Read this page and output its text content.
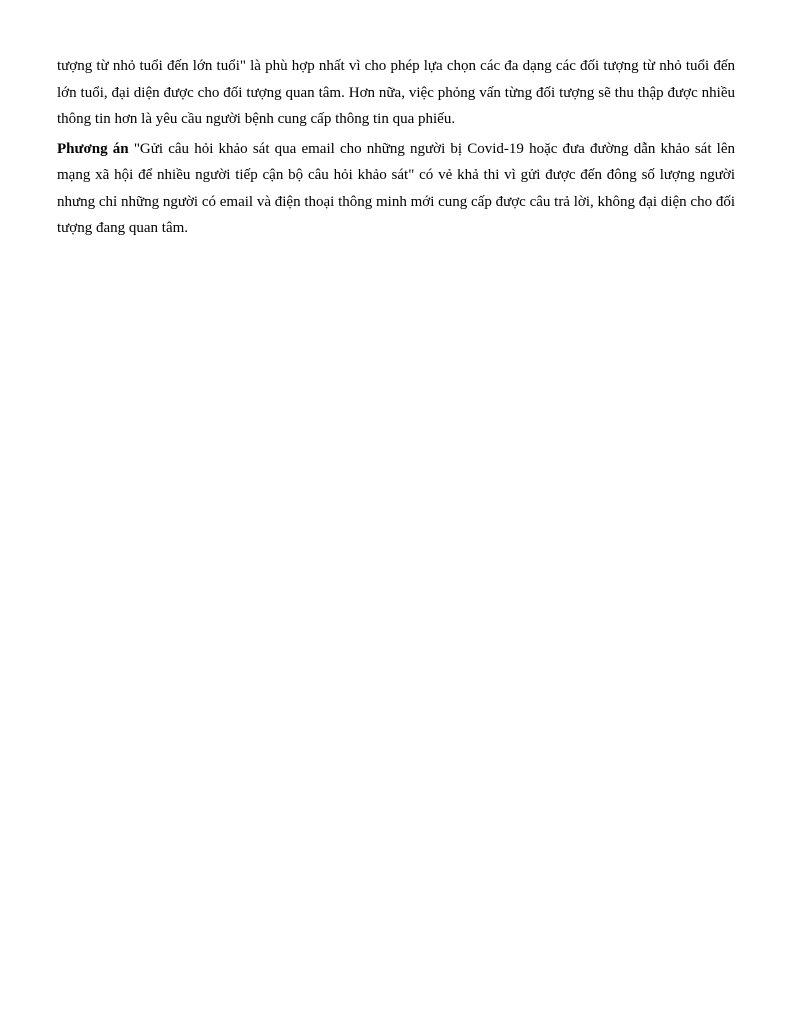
tượng từ nhỏ tuổi đến lớn tuổi" là phù hợp nhất vì cho phép lựa chọn các đa dạng các đối tượng từ nhỏ tuổi đến lớn tuổi, đại diện được cho đối tượng quan tâm. Hơn nữa, việc phỏng vấn từng đối tượng sẽ thu thập được nhiều thông tin hơn là yêu cầu người bệnh cung cấp thông tin qua phiếu.

Phương án "Gửi câu hỏi khảo sát qua email cho những người bị Covid-19 hoặc đưa đường dẫn khảo sát lên mạng xã hội để nhiều người tiếp cận bộ câu hỏi khảo sát" có vẻ khả thi vì gửi được đến đông số lượng người nhưng chỉ những người có email và điện thoại thông minh mới cung cấp được câu trả lời, không đại diện cho đối tượng đang quan tâm.
